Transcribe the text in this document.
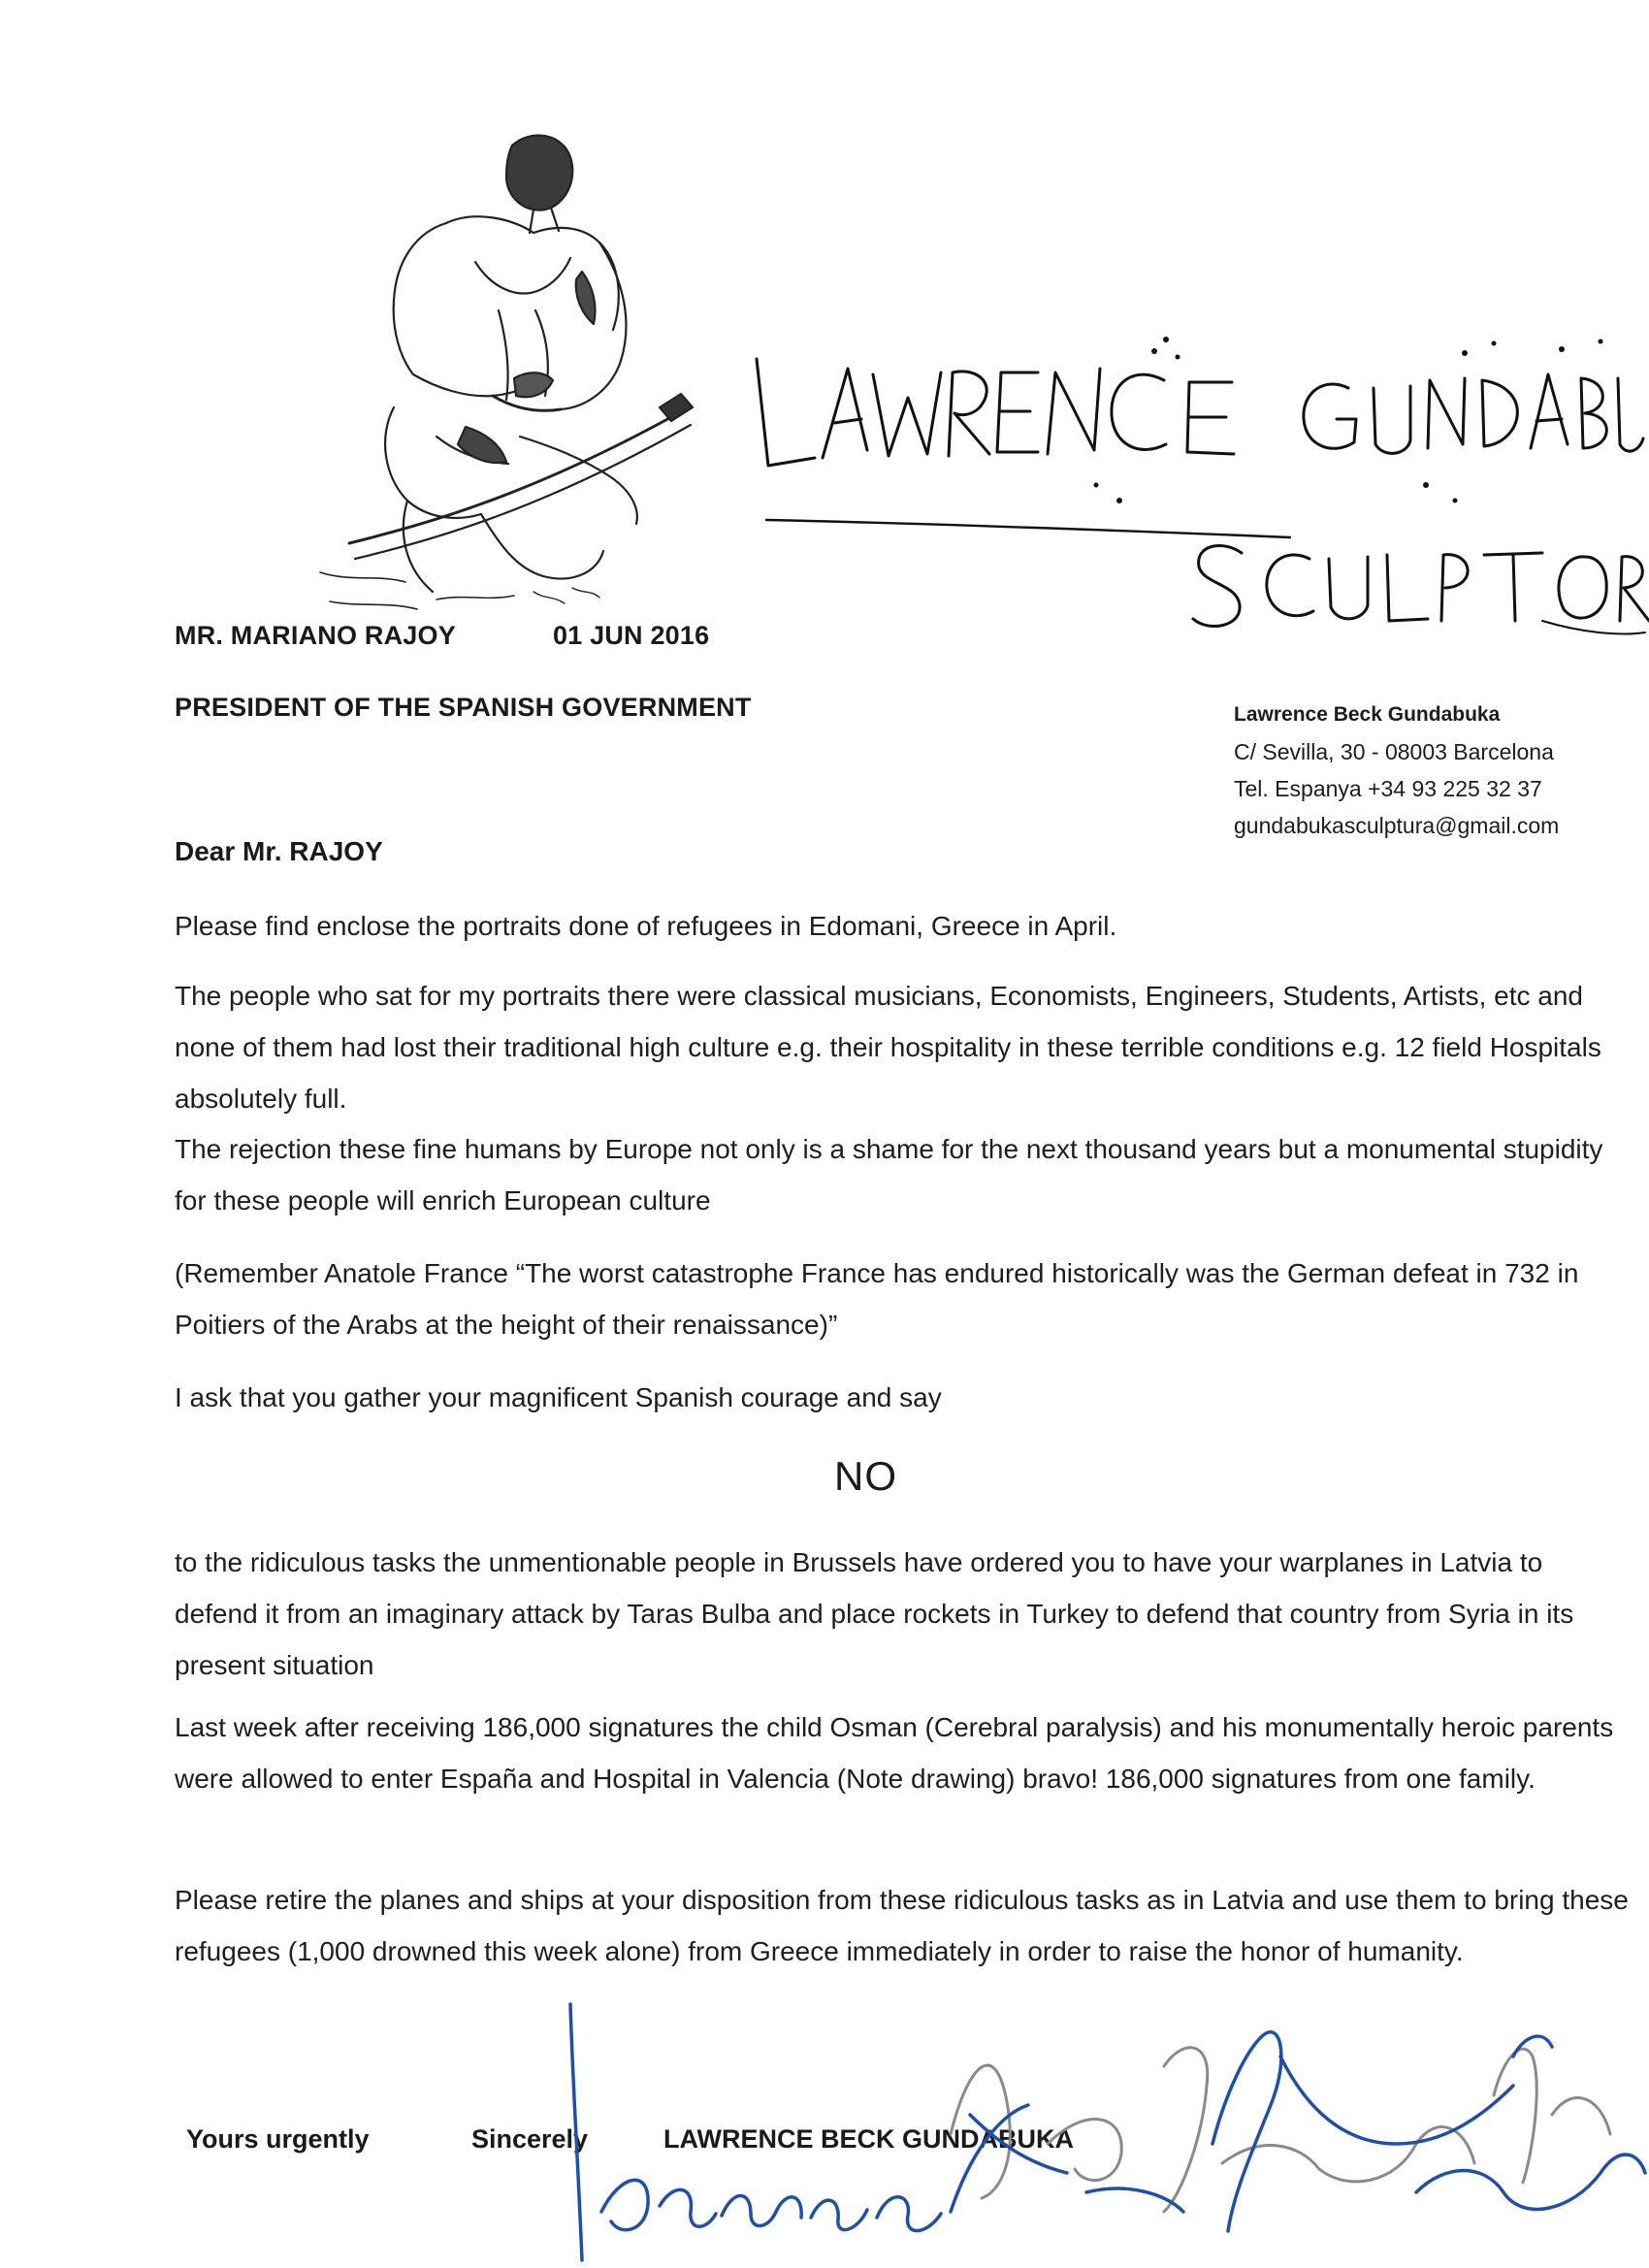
MR. MARIANO RAJOY	01 JUN 2016
PRESIDENT OF THE SPANISH GOVERNMENT	Lawrence Beck Gundabuka
C/ Sevilla, 30 - 08003 Barcelona
Tel. Espanya +34 93 225 32 37
gundabukasculptura@gmail.com
Dear Mr. RAJOY
Please find enclose the portraits done of refugees in Edomani, Greece in April.
The people who sat for my portraits there were classical musicians, Economists, Engineers, Students, Artists, etc and none of them had lost their traditional high culture e.g. their hospitality in these terrible conditions e.g. 12 field Hospitals absolutely full.
The rejection these fine humans by Europe not only is a shame for the next thousand years but a monumental stupidity for these people will enrich European culture
(Remember Anatole France “The worst catastrophe France has endured historically was the German defeat in 732 in Poitiers of the Arabs at the height of their renaissance)”
I ask that you gather your magnificent Spanish courage and say
NO
to the ridiculous tasks the unmentionable people in Brussels have ordered you to have your warplanes in Latvia to defend it from an imaginary attack by Taras Bulba and place rockets in Turkey to defend that country from Syria in its present situation
Last week after receiving 186,000 signatures the child Osman (Cerebral paralysis) and his monumentally heroic parents were allowed to enter España and Hospital in Valencia (Note drawing) bravo! 186,000 signatures from one family.
Please retire the planes and ships at your disposition from these ridiculous tasks as in Latvia and use them to bring these refugees (1,000 drowned this week alone) from Greece immediately in order to raise the honor of humanity.
Yours urgently	Sincerely	LAWRENCE BECK GUNDABUKA
